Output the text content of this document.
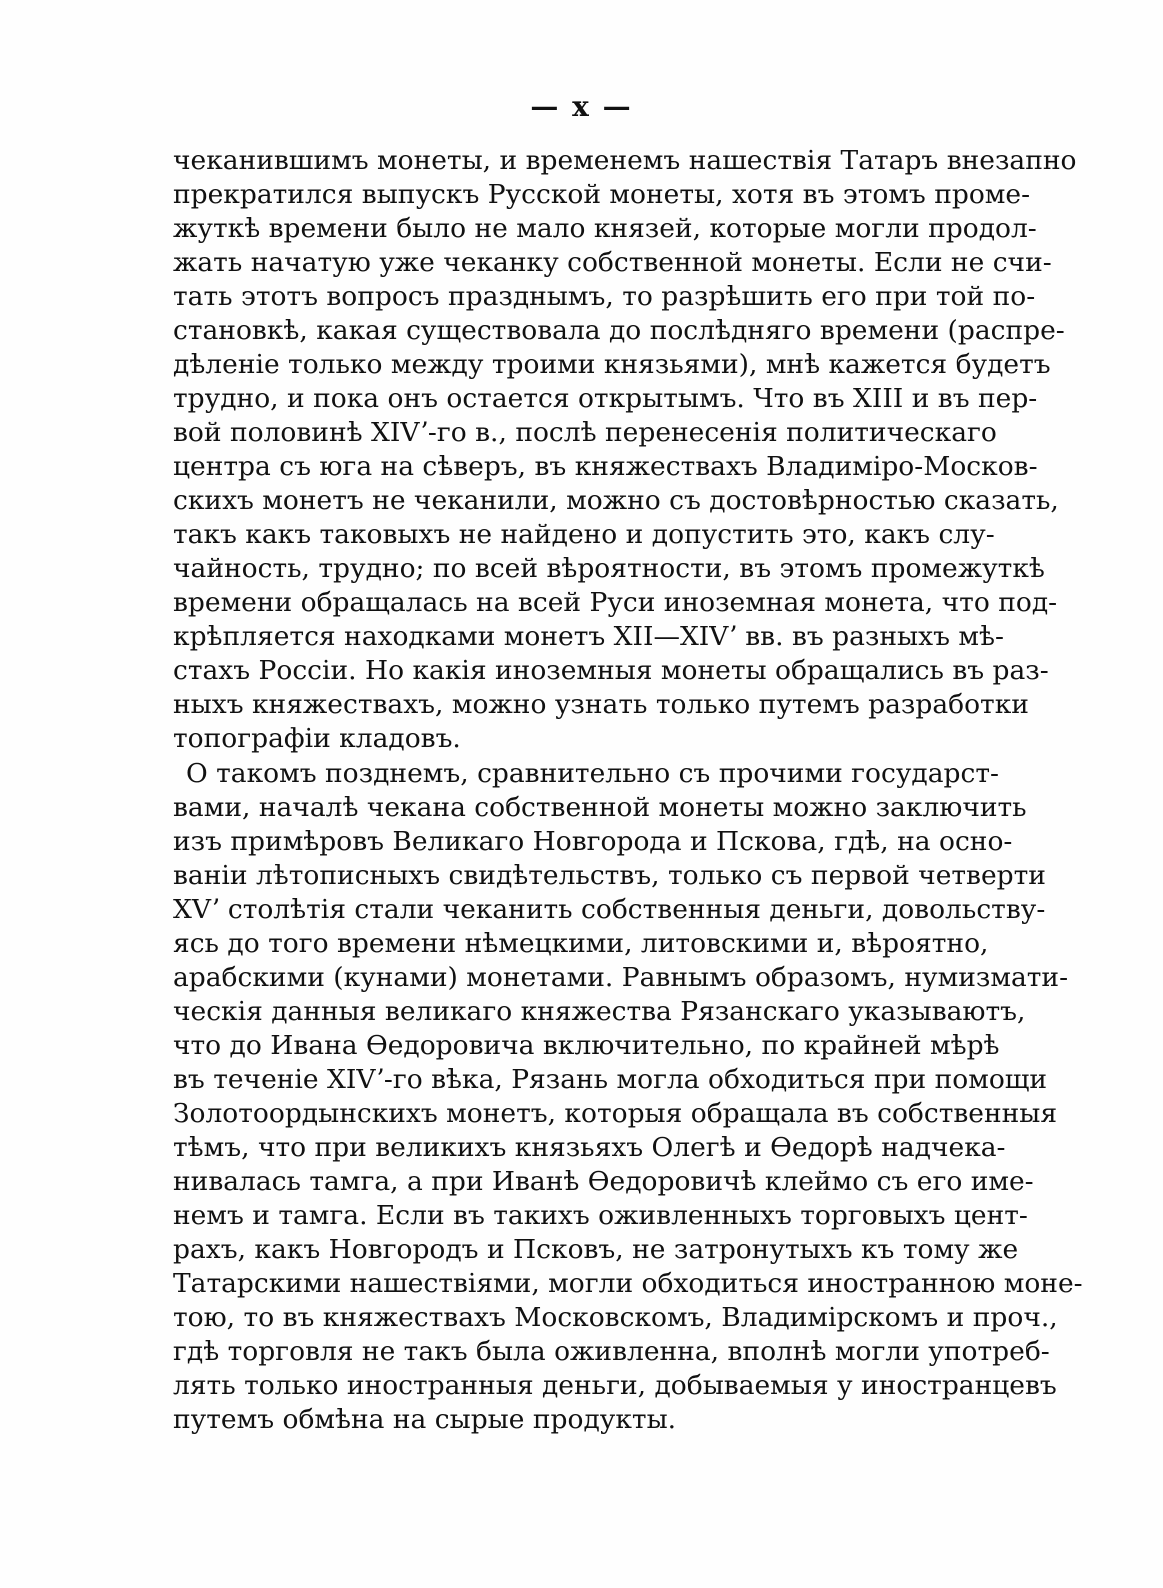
— x —
чеканившимъ монеты, и временемъ нашествія Татаръ внезапно
прекратился выпускъ Русской монеты, хотя въ этомъ проме-
жуткѣ времени было не мало князей, которые могли продол-
жать начатую уже чеканку собственной монеты. Если не счи-
тать этотъ вопросъ празднымъ, то разрѣшить его при той по-
становкѣ, какая существовала до послѣдняго времени (распре-
дѣленіе только между троими князьями), мнѣ кажется будетъ
трудно, и пока онъ остается открытымъ. Что въ XIII и въ пер-
вой половинѣ XIVʼ-го в., послѣ перенесенія политическаго
центра съ юга на сѣверъ, въ княжествахъ Владиміро-Москов-
скихъ монетъ не чеканили, можно съ достовѣрностью сказать,
такъ какъ таковыхъ не найдено и допустить это, какъ слу-
чайность, трудно; по всей вѣроятности, въ этомъ промежуткѣ
времени обращалась на всей Руси иноземная монета, что под-
крѣпляется находками монетъ XII—XIVʼ вв. въ разныхъ мѣ-
стахъ Россіи. Но какія иноземныя монеты обращались въ раз-
ныхъ княжествахъ, можно узнать только путемъ разработки
топографіи кладовъ.
О такомъ позднемъ, сравнительно съ прочими государст-
вами, началѣ чекана собственной монеты можно заключить
изъ примѣровъ Великаго Новгорода и Пскова, гдѣ, на осно-
ваніи лѣтописныхъ свидѣтельствъ, только съ первой четверти
XVʼ столѣтія стали чеканить собственныя деньги, довольству-
ясь до того времени нѣмецкими, литовскими и, вѣроятно,
арабскими (кунами) монетами. Равнымъ образомъ, нумизмати-
ческія данныя великаго княжества Рязанскаго указываютъ,
что до Ивана Ѳедоровича включительно, по крайней мѣрѣ
въ теченіе XIVʼ-го вѣка, Рязань могла обходиться при помощи
Золотоордынскихъ монетъ, которыя обращала въ собственныя
тѣмъ, что при великихъ князьяхъ Олегѣ и Ѳедорѣ надчека-
нивалась тамга, а при Иванѣ Ѳедоровичѣ клеймо съ его име-
немъ и тамга. Если въ такихъ оживленныхъ торговыхъ цент-
рахъ, какъ Новгородъ и Псковъ, не затронутыхъ къ тому же
Татарскими нашествіями, могли обходиться иностранною моне-
тою, то въ княжествахъ Московскомъ, Владимірскомъ и проч.,
гдѣ торговля не такъ была оживленна, вполнѣ могли употреб-
лять только иностранныя деньги, добываемыя у иностранцевъ
путемъ обмѣна на сырые продукты.
